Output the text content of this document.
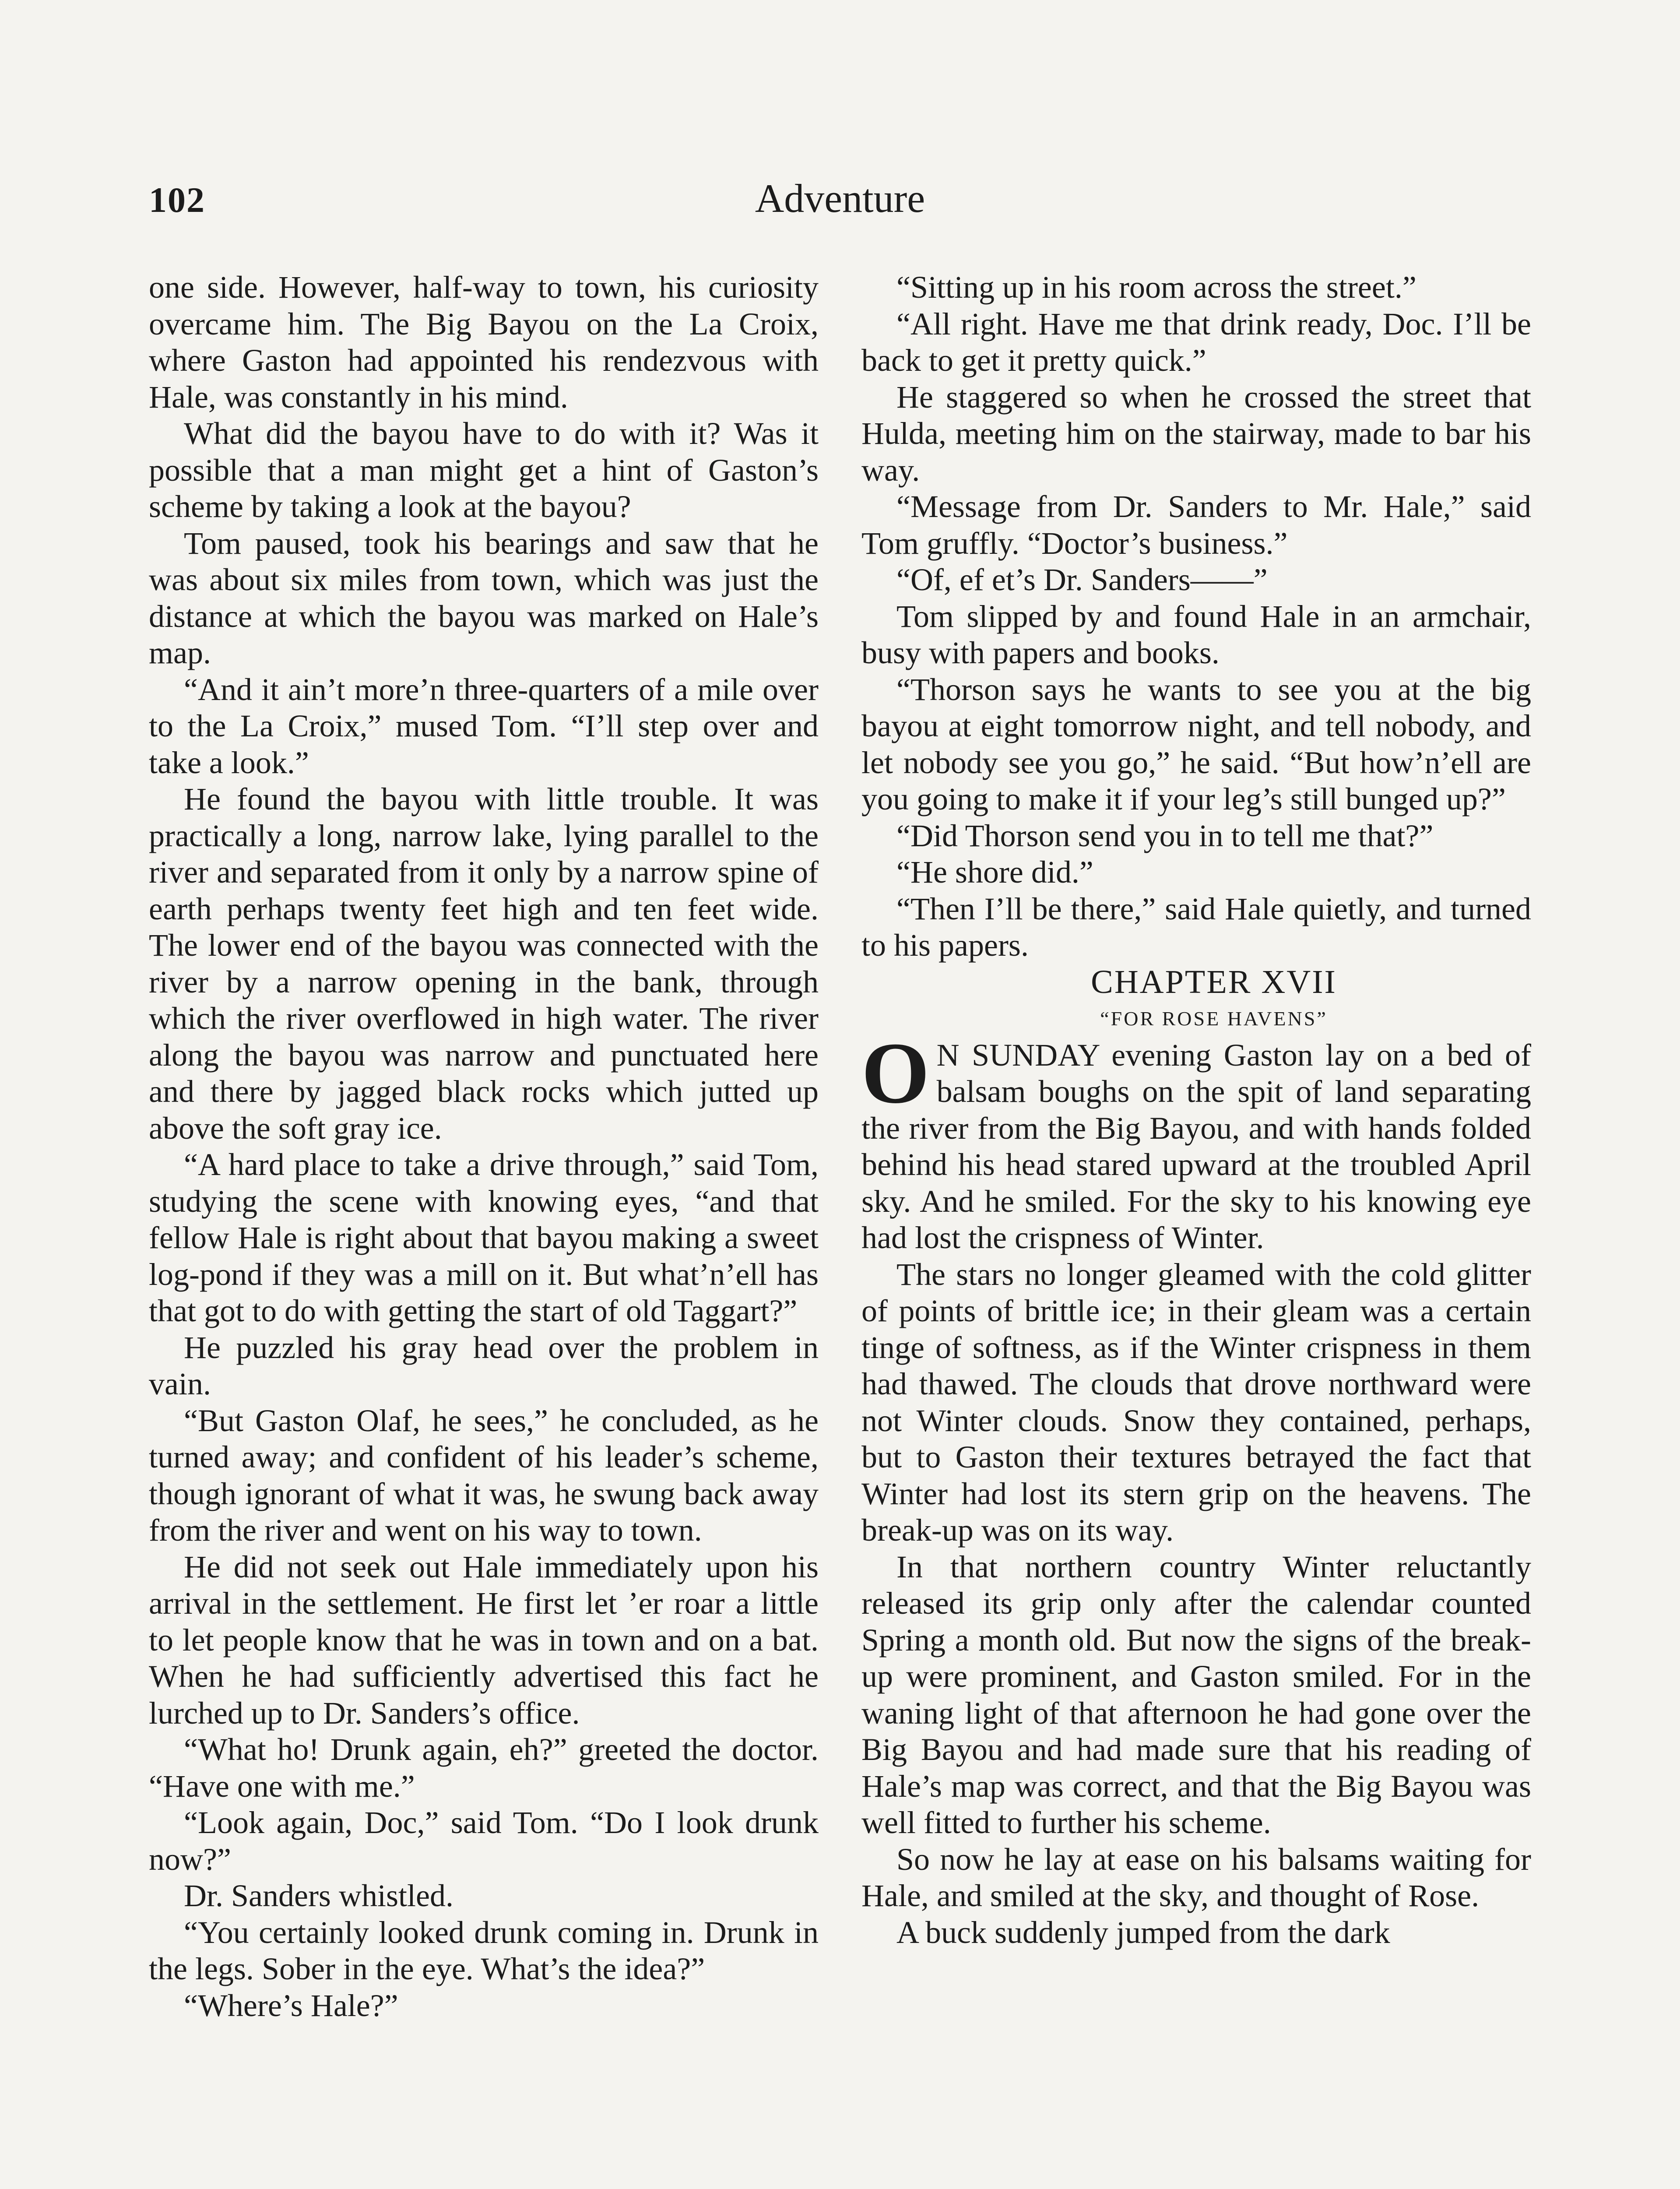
102	Adventure

one side. However, half-way to town, his curiosity overcame him. The Big Bayou on the La Croix, where Gaston had appointed his rendezvous with Hale, was constantly in his mind.

What did the bayou have to do with it? Was it possible that a man might get a hint of Gaston’s scheme by taking a look at the bayou?

Tom paused, took his bearings and saw that he was about six miles from town, which was just the distance at which the bayou was marked on Hale’s map.

“And it ain’t more’n three-quarters of a mile over to the La Croix,” mused Tom. “I’ll step over and take a look.”

He found the bayou with little trouble. It was practically a long, narrow lake, lying parallel to the river and separated from it only by a narrow spine of earth perhaps twenty feet high and ten feet wide. The lower end of the bayou was connected with the river by a narrow opening in the bank, through which the river overflowed in high water. The river along the bayou was narrow and punctuated here and there by jagged black rocks which jutted up above the soft gray ice.

“A hard place to take a drive through,” said Tom, studying the scene with knowing eyes, “and that fellow Hale is right about that bayou making a sweet log-pond if they was a mill on it. But what’n’ell has that got to do with getting the start of old Taggart?”

He puzzled his gray head over the problem in vain.

“But Gaston Olaf, he sees,” he concluded, as he turned away; and confident of his leader’s scheme, though ignorant of what it was, he swung back away from the river and went on his way to town.

He did not seek out Hale immediately upon his arrival in the settlement. He first let ’er roar a little to let people know that he was in town and on a bat. When he had sufficiently advertised this fact he lurched up to Dr. Sanders’s office.

“What ho! Drunk again, eh?” greeted the doctor. “Have one with me.”

“Look again, Doc,” said Tom. “Do I look drunk now?”

Dr. Sanders whistled.

“You certainly looked drunk coming in. Drunk in the legs. Sober in the eye. What’s the idea?”

“Where’s Hale?”

“Sitting up in his room across the street.”

“All right. Have me that drink ready, Doc. I’ll be back to get it pretty quick.”

He staggered so when he crossed the street that Hulda, meeting him on the stairway, made to bar his way.

“Message from Dr. Sanders to Mr. Hale,” said Tom gruffly. “Doctor’s business.”

“Of, ef et’s Dr. Sanders——”

Tom slipped by and found Hale in an armchair, busy with papers and books.

“Thorson says he wants to see you at the big bayou at eight tomorrow night, and tell nobody, and let nobody see you go,” he said. “But how’n’ell are you going to make it if your leg’s still bunged up?”

“Did Thorson send you in to tell me that?”

“He shore did.”

“Then I’ll be there,” said Hale quietly, and turned to his papers.

CHAPTER XVII

“FOR ROSE HAVENS”

O N SUNDAY evening Gaston lay on a bed of balsam boughs on the spit of land separating the river from the Big Bayou, and with hands folded behind his head stared upward at the troubled April sky. And he smiled. For the sky to his knowing eye had lost the crispness of Winter.

The stars no longer gleamed with the cold glitter of points of brittle ice; in their gleam was a certain tinge of softness, as if the Winter crispness in them had thawed. The clouds that drove northward were not Winter clouds. Snow they contained, perhaps, but to Gaston their textures betrayed the fact that Winter had lost its stern grip on the heavens. The break-up was on its way.

In that northern country Winter reluctantly released its grip only after the calendar counted Spring a month old. But now the signs of the break-up were prominent, and Gaston smiled. For in the waning light of that afternoon he had gone over the Big Bayou and had made sure that his reading of Hale’s map was correct, and that the Big Bayou was well fitted to further his scheme.

So now he lay at ease on his balsams waiting for Hale, and smiled at the sky, and thought of Rose.

A buck suddenly jumped from the dark
